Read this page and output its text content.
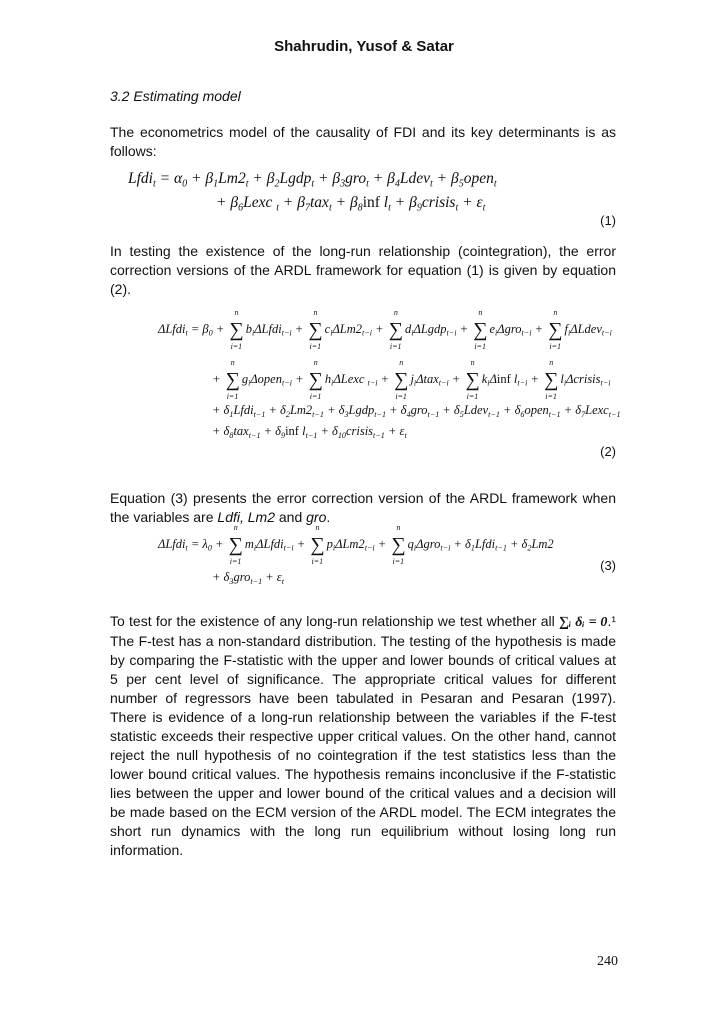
Shahrudin, Yusof & Satar
3.2 Estimating model
The econometrics model of the causality of FDI and its key determinants is as follows:
Lfdi$_t$ = $\alpha_0 + \beta_1Lm2_t$ + $\beta_2Lgdp_t + \beta_3gro_t$ + $\beta_4Ldev_t$ + $\beta_5open_t$
+ $\beta_6Lexc$ $_t + \beta_7tax_t + \beta_8inf$ $l_t$ + $\beta_9crisis_t + \varepsilon_t$
(1)
In testing the existence of the long-run relationship (cointegration), the error correction versions of the ARDL framework for equation (1) is given by equation (2).
ΔLfdi$_t$ = $\beta_0$ + ∑
n
i=1
$b_i\Delta Lfdi_{t-i}$ + ∑
n
i=1
$c_i\Delta Lm2_{t-i}$ + ∑
n
i=1
$d_i\Delta Lgdp_{t-i}$ + ∑
n
i=1
$e_i\Delta gro_{t-i}$ + ∑
n
i=1
$f_i\Delta Ldev_{t-i}$
+ ∑
n
i=1
$g_i\Delta open_{t-i}$ + ∑
n
i=1
$h_i\Delta Lexc$ $_{t-i}$ + ∑
n
i=1
$j_i\Delta tax_{t-i}$ + ∑
n
i=1
$k_i\Delta inf$ $l_{t-i}$ + ∑
n
i=1
$l_i\Delta crisis_{t-i}$
+ $\delta_1Lfdi_{t-1} + \delta_2Lm2_{t-1}$ + $\delta_3Lgdp_{t-1} + \delta_4gro_{t-1}$ + $\delta_5Ldev_{t-1}$ + $\delta_6open_{t-1}$ + $\delta_7Lexc_{t-1}$
+ $\delta_8tax_{t-1} + \delta_9inf$ $l_{t-1}$ + $\delta_{10}crisis_{t-1} + \varepsilon_t$
(2)
Equation (3) presents the error correction version of the ARDL framework when the variables are Ldfi, Lm2 and gro.
ΔLfdi$_t$ = $\lambda_0$ + ∑
n
i=1
$m_i\Delta Lfdi_{t-i}$ + ∑
n
i=1
$p_i\Delta Lm2_{t-i}$ + ∑
n
i=1
$q_i\Delta gro_{t-i}$ + $\delta_1Lfdi_{t-1} + \delta_2Lm2$
+ $\delta_3gro_{t-1} + \varepsilon_t$
(3)
To test for the existence of any long-run relationship we test whether all ∑ᵢ δᵢ = 0.¹ The F-test has a non-standard distribution. The testing of the hypothesis is made by comparing the F-statistic with the upper and lower bounds of critical values at 5 per cent level of significance. The appropriate critical values for different number of regressors have been tabulated in Pesaran and Pesaran (1997). There is evidence of a long-run relationship between the variables if the F-test statistic exceeds their respective upper critical values. On the other hand, cannot reject the null hypothesis of no cointegration if the test statistics less than the lower bound critical values. The hypothesis remains inconclusive if the F-statistic lies between the upper and lower bound of the critical values and a decision will be made based on the ECM version of the ARDL model. The ECM integrates the short run dynamics with the long run equilibrium without losing long run information.
240
